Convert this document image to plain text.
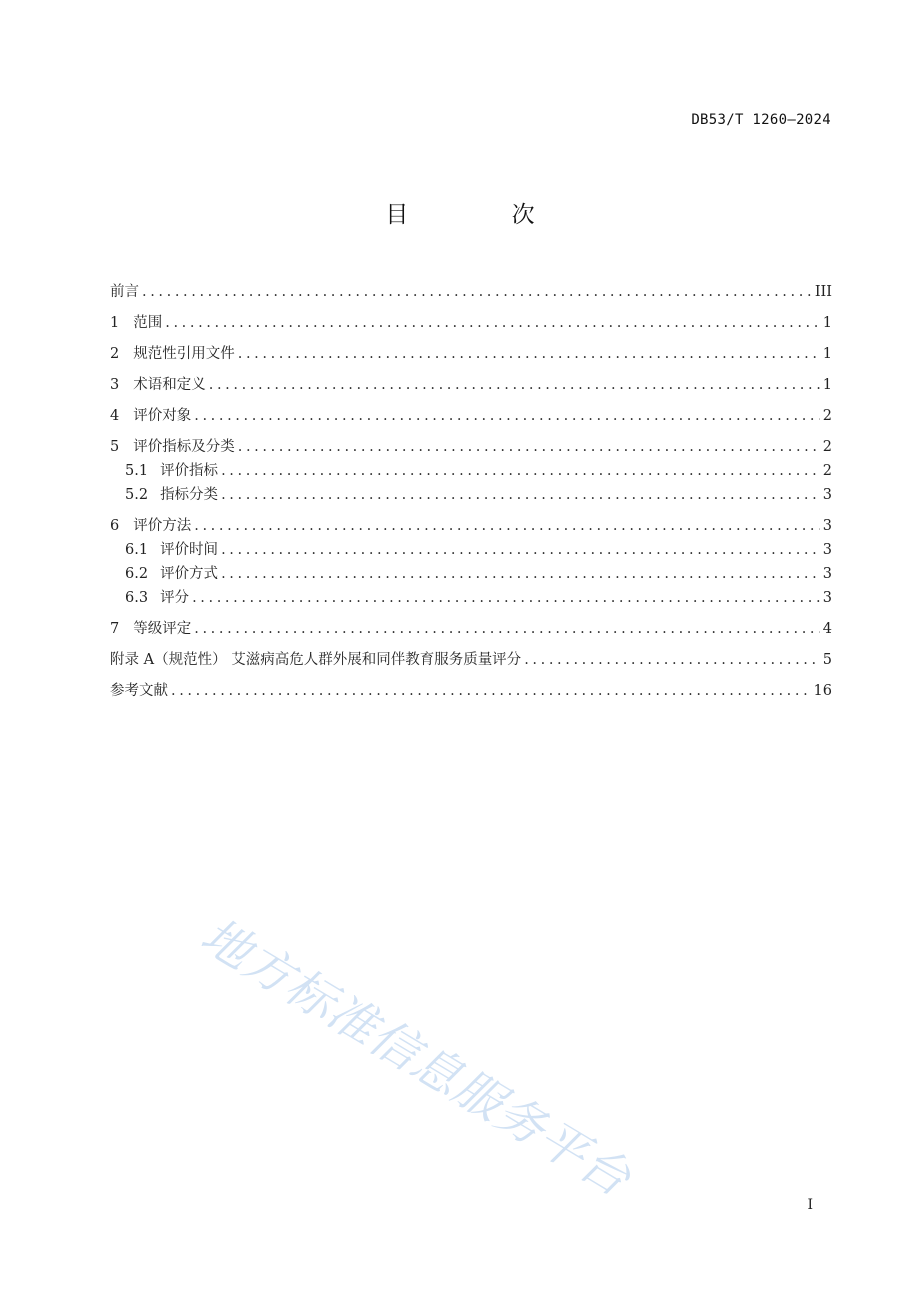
DB53/T 1260—2024
目 次
前言 .....	III
1 范围 .....	1
2 规范性引用文件 .....	1
3 术语和定义 .....	1
4 评价对象 .....	2
5 评价指标及分类 .....	2
5.1 评价指标 .....	2
5.2 指标分类 .....	3
6 评价方法 .....	3
6.1 评价时间 .....	3
6.2 评价方式 .....	3
6.3 评分 .....	3
7 等级评定 .....	4
附录 A（规范性） 艾滋病高危人群外展和同伴教育服务质量评分 .....	5
参考文献 .....	16
地方标准信息服务平台	I
